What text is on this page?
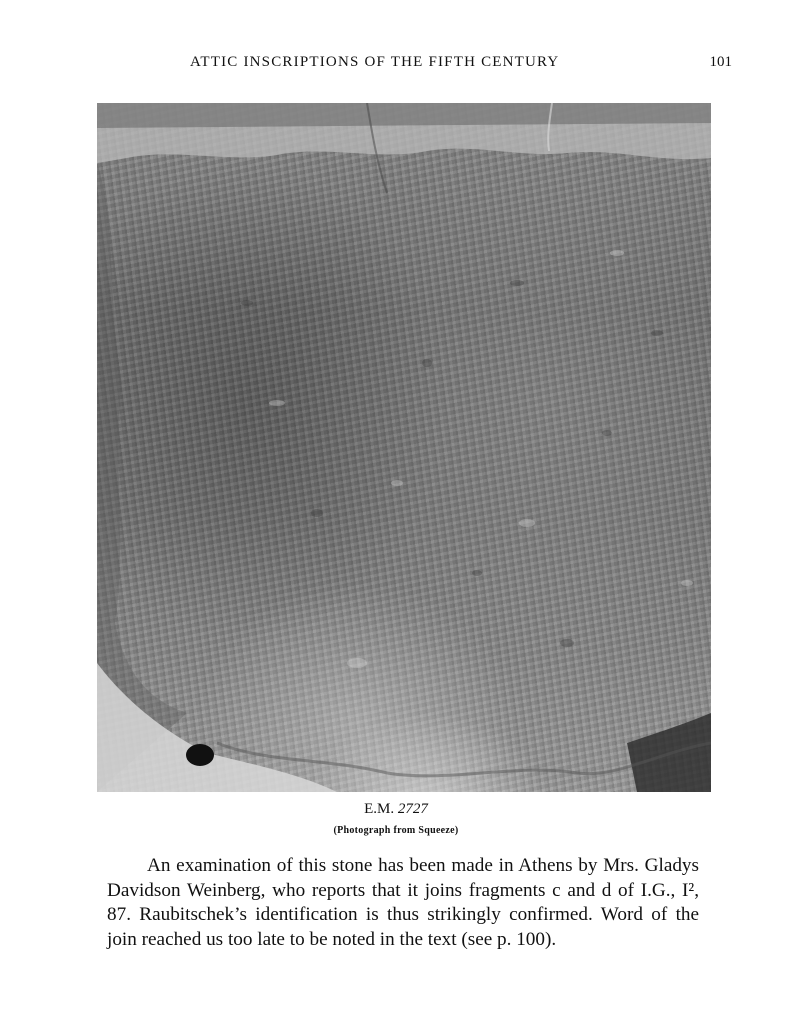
ATTIC INSCRIPTIONS OF THE FIFTH CENTURY	101
E.M. 2727
(Photograph from Squeeze)

An examination of this stone has been made in Athens by Mrs. Gladys Davidson Weinberg, who reports that it joins fragments c and d of I.G., I², 87. Raubitschek’s identification is thus strikingly confirmed. Word of the join reached us too late to be noted in the text (see p. 100).
